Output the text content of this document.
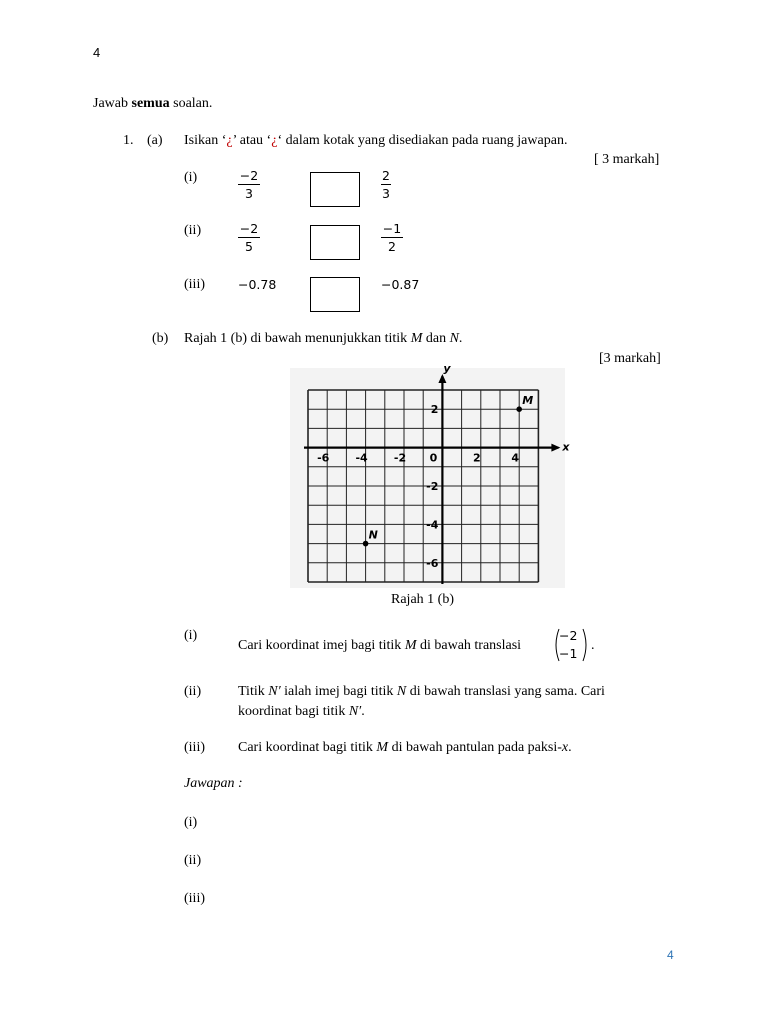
4
Jawab semua soalan.
1. (a) Isikan ‘¿’ atau ‘¿‘ dalam kotak yang disediakan pada ruang jawapan.
[ 3 markah]
(i)	$\frac{-2}{3}$	$\frac{2}{3}$
(ii)	$\frac{-2}{5}$	$\frac{-1}{2}$
(iii)	−0.78	−0.87
(b) Rajah 1 (b) di bawah menunjukkan titik M dan N.
[3 markah]
x
y
-6 -4 -2 0	2	4
2
-2
-4
-6
M
N
Rajah 1 (b)
(i)
Cari koordinat imej bagi titik M di bawah translasi
−2
−1
.
(ii)	Titik N′ ialah imej bagi titik N di bawah translasi yang sama. Cari
koordinat bagi titik N′.
(iii) Cari koordinat bagi titik M di bawah pantulan pada paksi-x.
Jawapan :
(i)
(ii)
(iii)
4
